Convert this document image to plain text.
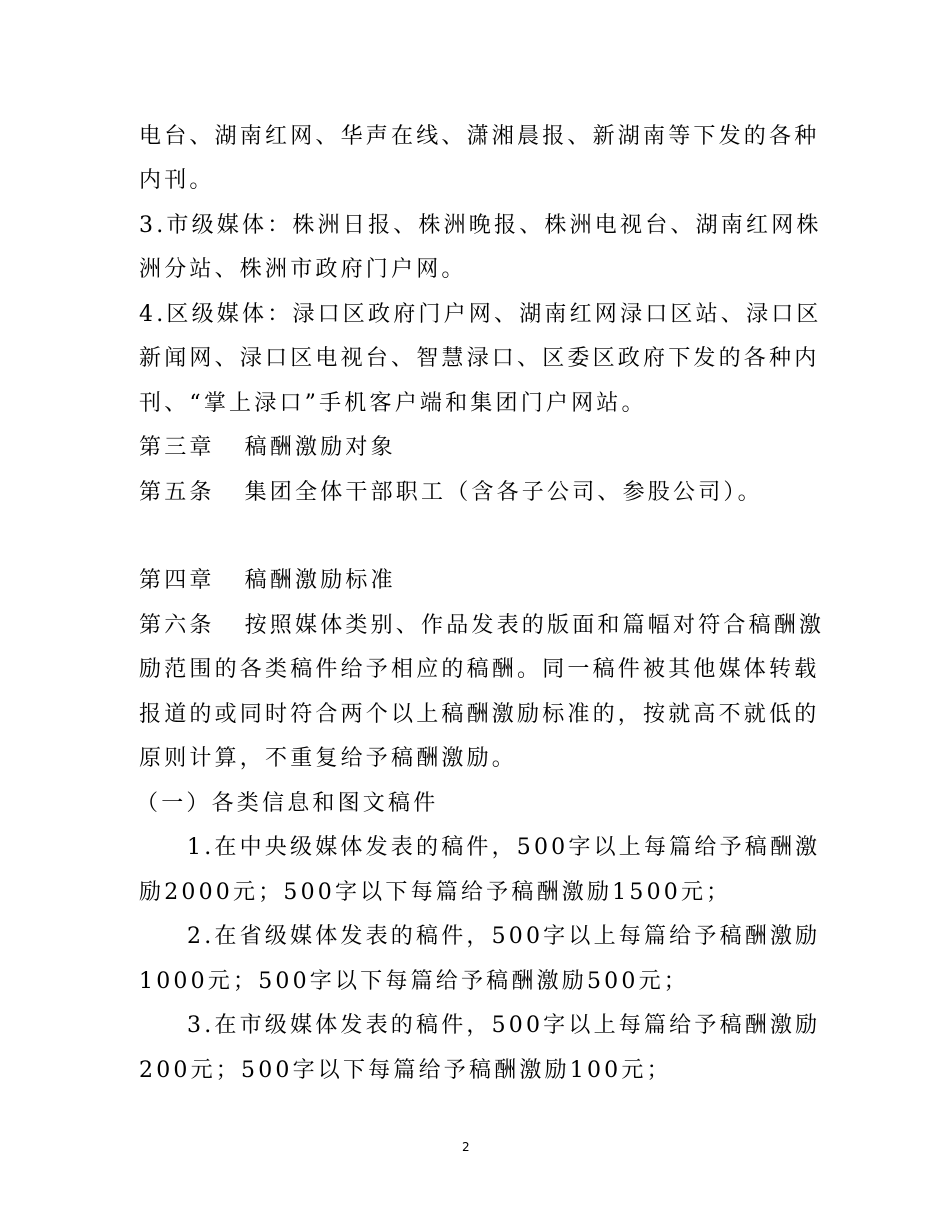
电台、湖南红网、华声在线、潇湘晨报、新湖南等下发的各种
内刊。
3.市级媒体：株洲日报、株洲晚报、株洲电视台、湖南红网株
洲分站、株洲市政府门户网。
4.区级媒体：渌口区政府门户网、湖南红网渌口区站、渌口区
新闻网、渌口区电视台、智慧渌口、区委区政府下发的各种内
刊、“掌上渌口”手机客户端和集团门户网站。
第三章 稿酬激励对象
第五条 集团全体干部职工（含各子公司、参股公司）。
第四章 稿酬激励标准
第六条 按照媒体类别、作品发表的版面和篇幅对符合稿酬激
励范围的各类稿件给予相应的稿酬。同一稿件被其他媒体转载
报道的或同时符合两个以上稿酬激励标准的，按就高不就低的
原则计算，不重复给予稿酬激励。
（一）各类信息和图文稿件
1.在中央级媒体发表的稿件，500字以上每篇给予稿酬激
励2000元；500字以下每篇给予稿酬激励1500元；
2.在省级媒体发表的稿件，500字以上每篇给予稿酬激励
1000元；500字以下每篇给予稿酬激励500元；
3.在市级媒体发表的稿件，500字以上每篇给予稿酬激励
200元；500字以下每篇给予稿酬激励100元；
2
